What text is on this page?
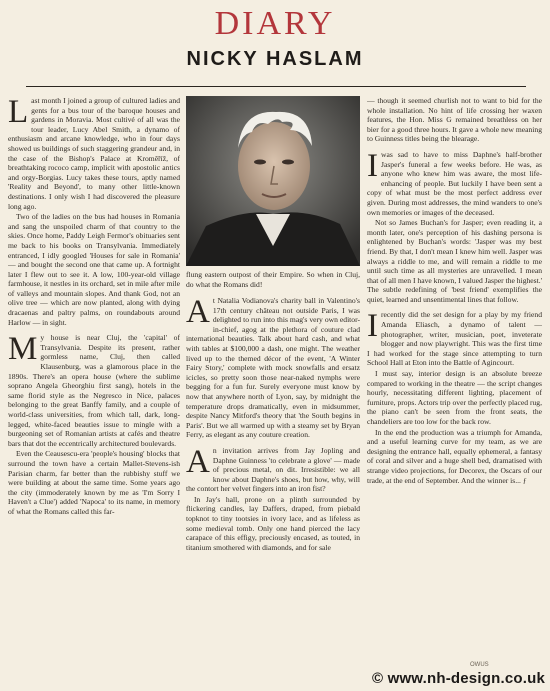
DIARY
NICKY HASLAM

Last month I joined a group of cultured ladies and gents for a bus tour of the baroque houses and gardens in Moravia. Most cultivé of all was the tour leader, Lucy Abel Smith, a dynamo of enthusiasm and arcane knowledge, who in four days showed us buildings of such staggering grandeur and, in the case of the Bishop's Palace at Kroměříž, of breathtaking rococo camp, implicit with apostolic antics and orgy-Borgias. Lucy takes these tours, aptly named 'Reality and Beyond', to many other little-known destinations. I only wish I had discovered the pleasure long ago.

Two of the ladies on the bus had houses in Romania and sang the unspoiled charm of that country to the skies. Once home, Paddy Leigh Fermor's obituaries sent me back to his books on Transylvania. Immediately entranced, I idly googled 'Houses for sale in Romania' — and bought the second one that came up. A fortnight later I flew out to see it. A low, 100-year-old village farmhouse, it nestles in its orchard, set in mile after mile of valleys and mountain slopes. And thank God, not an olive tree — which are now planted, along with dying dracaenas and paltry palms, on roundabouts around Harlow — in sight.

My house is near Cluj, the 'capital' of Transylvania. Despite its present, rather gormless name, Cluj, then called Klausenburg, was a glamorous place in the 1890s. There's an opera house (where the sublime soprano Angela Gheorghiu first sang), hotels in the same florid style as the Negresco in Nice, palaces belonging to the great Banffy family, and a couple of world-class universities, from which tall, dark, long-legged, white-faced beauties issue to mingle with a burgeoning set of Romanian artists at cafés and theatre bars that dot the eccentrically architectured boulevards.

Even the Ceausescu-era 'people's housing' blocks that surround the town have a certain Mallet-Stevens-ish Parisian charm, far better than the rubbishy stuff we were building at about the same time. Some years ago the city (immoderately known by me as 'I'm Sorry I Haven't a Clue') added 'Napoca' to its name, in memory of what the Romans called this far-

flung eastern outpost of their Empire. So when in Cluj, do what the Romans did!

At Natalia Vodianova's charity ball in Valentino's 17th century château not outside Paris, I was delighted to run into this mag's very own editor-in-chief, agog at the plethora of couture clad international beauties. Talk about hard cash, and what with tables at $100,000 a dash, one might. The weather lived up to the themed décor of the event, 'A Winter Fairy Story,' complete with mock snowfalls and ersatz icicles, so pretty soon those near-naked nymphs were begging for a fun fur. Surely everyone must know by now that anywhere north of Lyon, say, by midnight the temperature drops dramatically, even in midsummer, despite Nancy Mitford's theory that 'the South begins in Paris'. But we all warmed up with a steamy set by Bryan Ferry, as elegant as any couture creation.

An invitation arrives from Jay Jopling and Daphne Guinness 'to celebrate a glove' — made of precious metal, on dit. Irresistible: we all know about Daphne's shoes, but how, why, will the contort her velvet fingers into an iron fist?

In Jay's hall, prone on a plinth surrounded by flickering candles, lay Daffers, draped, from piebald topknot to tiny tootsies in ivory lace, and as lifeless as some medieval tomb. Only one hand pierced the lacy carapace of this effigy, preciously encased, as touted, in titanium smothered with diamonds, and for sale

— though it seemed churlish not to want to bid for the whole installation. No hint of life crossing her waxen features, the Hon. Miss G remained breathless on her bier for a good three hours. It gave a whole new meaning to Guinness titles being the blearage.

I was sad to have to miss Daphne's half-brother Jasper's funeral a few weeks before. He was, as anyone who knew him was aware, the most life-enhancing of people. But luckily I have been sent a copy of what must be the most perfect address ever given. During most addresses, the mind wanders to one's own memories or images of the deceased.

Not so James Buchan's for Jasper; even reading it, a month later, one's perception of his dashing persona is enlightened by Buchan's words: 'Jasper was my best friend. By that, I don't mean I knew him well. Jasper was always a riddle to me, and will remain a riddle to me until such time as all mysteries are unravelled. I mean that of all men I have known, I valued Jasper the highest.' The subtle redefining of 'best friend' exemplifies the quiet, learned and unsentimental lines that follow.

I recently did the set design for a play by my friend Amanda Eliasch, a dynamo of talent — photographer, writer, musician, poet, inveterate blogger and now playwright. This was the first time I had worked for the stage since attempting to turn School Hall at Eton into the Battle of Agincourt.

I must say, interior design is an absolute breeze compared to working in the theatre — the script changes hourly, necessitating different lighting, placement of furniture, props. Actors trip over the perfectly placed rug, the piano can't be seen from the front seats, the chandeliers are too low for the back row.

In the end the production was a triumph for Amanda, and a useful learning curve for my team, as we are designing the entrance hall, equally ephemeral, a fantasy of coral and silver and a huge shell bed, dramatised with strange video projections, for Decorex, the Oscars of our trade, at the end of September. And the winner is... ƒ

OWUS
© www.nh-design.co.uk
